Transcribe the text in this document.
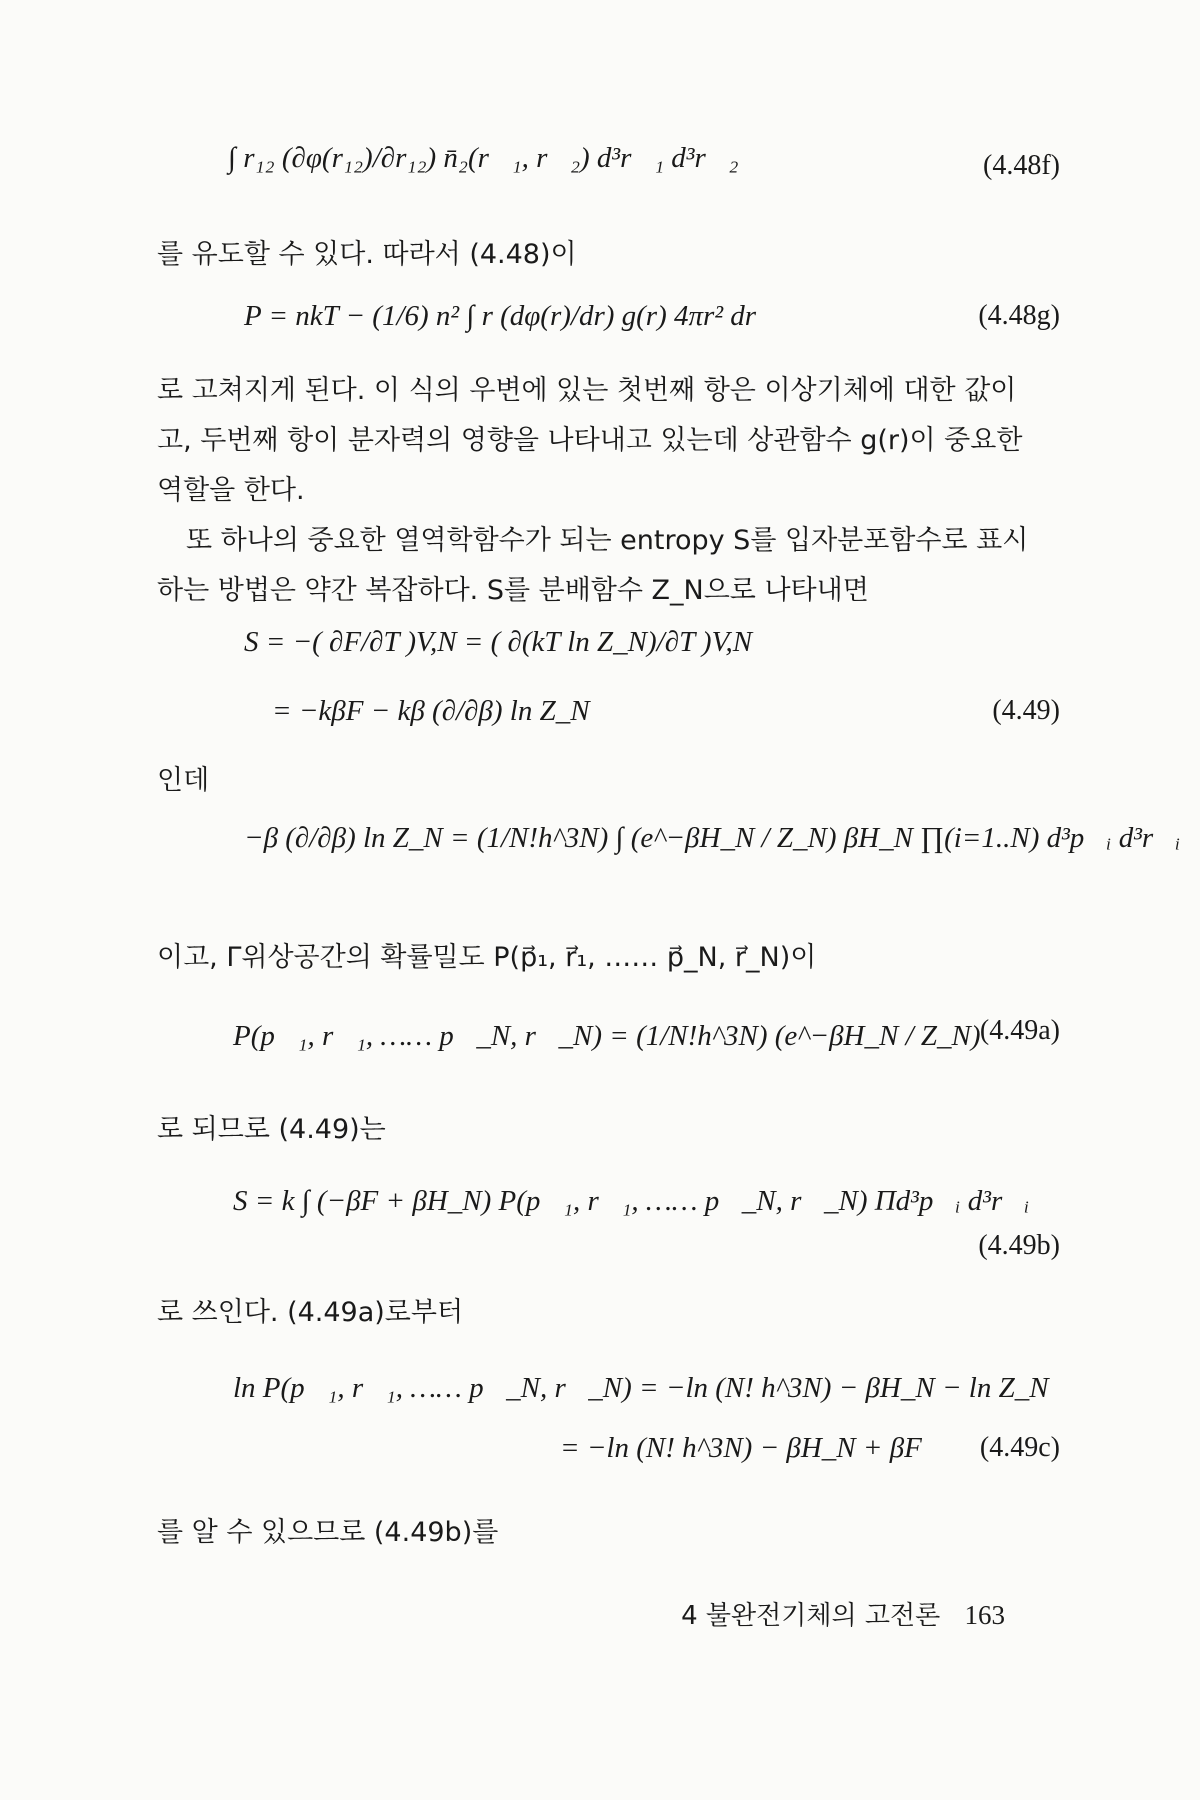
∫ r₁₂ (∂φ(r₁₂)/∂r₁₂) n̄₂(r⃗₁, r⃗₂) d³r⃗₁ d³r⃗₂	(4.48f)
를 유도할 수 있다. 따라서 (4.48)이
P = nkT − (1/6) n² ∫ r (dφ(r)/dr) g(r) 4πr² dr	(4.48g)
로 고쳐지게 된다. 이 식의 우변에 있는 첫번째 항은 이상기체에 대한 값이
고, 두번째 항이 분자력의 영향을 나타내고 있는데 상관함수 g(r)이 중요한
역할을 한다.
또 하나의 중요한 열역학함수가 되는 entropy S를 입자분포함수로 표시
하는 방법은 약간 복잡하다. S를 분배함수 Z_N으로 나타내면
S = −( ∂F/∂T )V,N = ( ∂(kT ln Z_N)/∂T )V,N
= −kβF − kβ (∂/∂β) ln Z_N	(4.49)
인데
−β (∂/∂β) ln Z_N = (1/N!h^3N) ∫ (e^−βH_N / Z_N) βH_N ∏(i=1..N) d³p⃗ᵢ d³r⃗ᵢ
이고, Γ위상공간의 확률밀도 P(p⃗₁, r⃗₁, …… p⃗_N, r⃗_N)이
P(p⃗₁, r⃗₁, …… p⃗_N, r⃗_N) = (1/N!h^3N) (e^−βH_N / Z_N) (4.49a)
로 되므로 (4.49)는
S = k ∫ (−βF + βH_N) P(p⃗₁, r⃗₁, …… p⃗_N, r⃗_N) Πd³p⃗ᵢ d³r⃗ᵢ
(4.49b)
로 쓰인다. (4.49a)로부터
ln P(p⃗₁, r⃗₁, …… p⃗_N, r⃗_N) = −ln (N! h^3N) − βH_N − ln Z_N
= −ln (N! h^3N) − βH_N + βF (4.49c)
를 알 수 있으므로 (4.49b)를
4 불완전기체의 고전론 163
